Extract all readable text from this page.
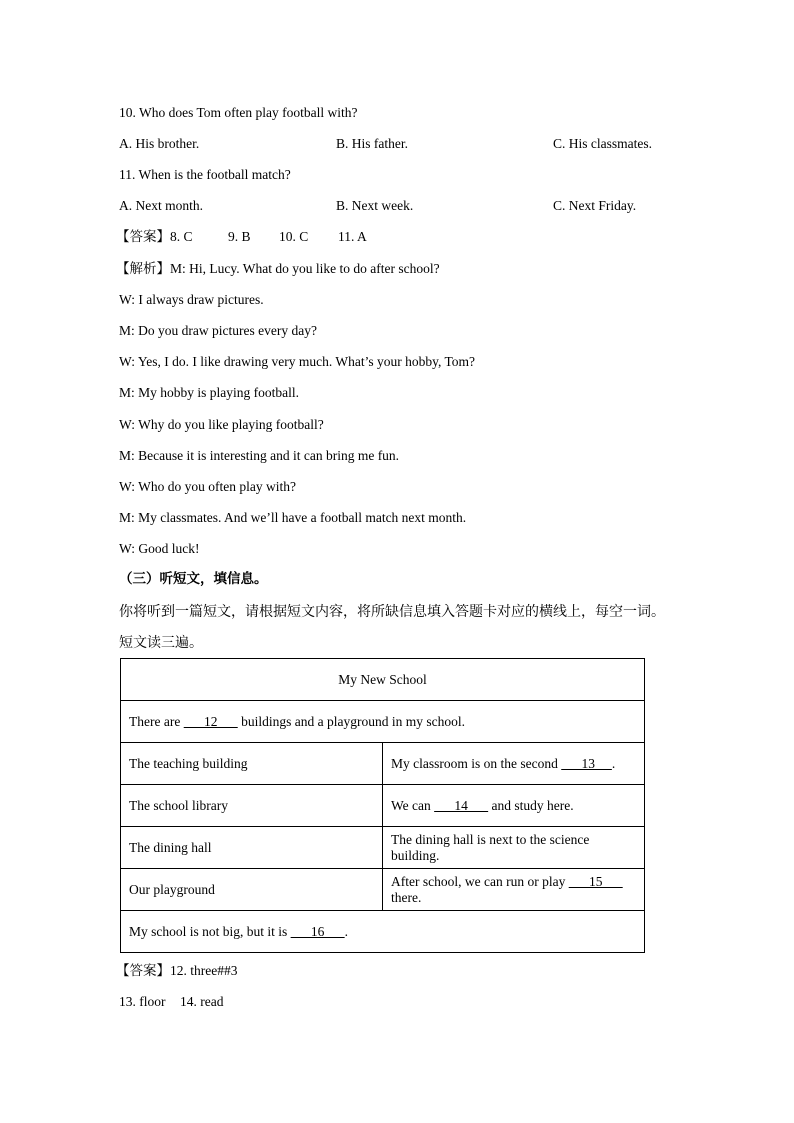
10. Who does Tom often play football with?
A. His brother.	B. His father.	C. His classmates.
11. When is the football match?
A. Next month.	B. Next week.	C. Next Friday.
【答案】8. C	9. B 10. C 11. A
【解析】M: Hi, Lucy. What do you like to do after school?
W: I always draw pictures.
M: Do you draw pictures every day?
W: Yes, I do. I like drawing very much. What’s your hobby, Tom?
M: My hobby is playing football.
W: Why do you like playing football?
M: Because it is interesting and it can bring me fun.
W: Who do you often play with?
M: My classmates. And we’ll have a football match next month.
W: Good luck!
（三）听短文，填信息。
你将听到一篇短文，请根据短文内容，将所缺信息填入答题卡对应的横线上，每空一词。
短文读三遍。
My New School	
There are       12       buildings and a playground in my school.	
The teaching building	My classroom is on the second       13     .
The school library	We can       14       and study here.
The dining hall	The dining hall is next to the science building.
Our playground	After school, we can run or play       15       there.
My school is not big, but it is       16      .	
【答案】12. three##3
13. floor 14. read
